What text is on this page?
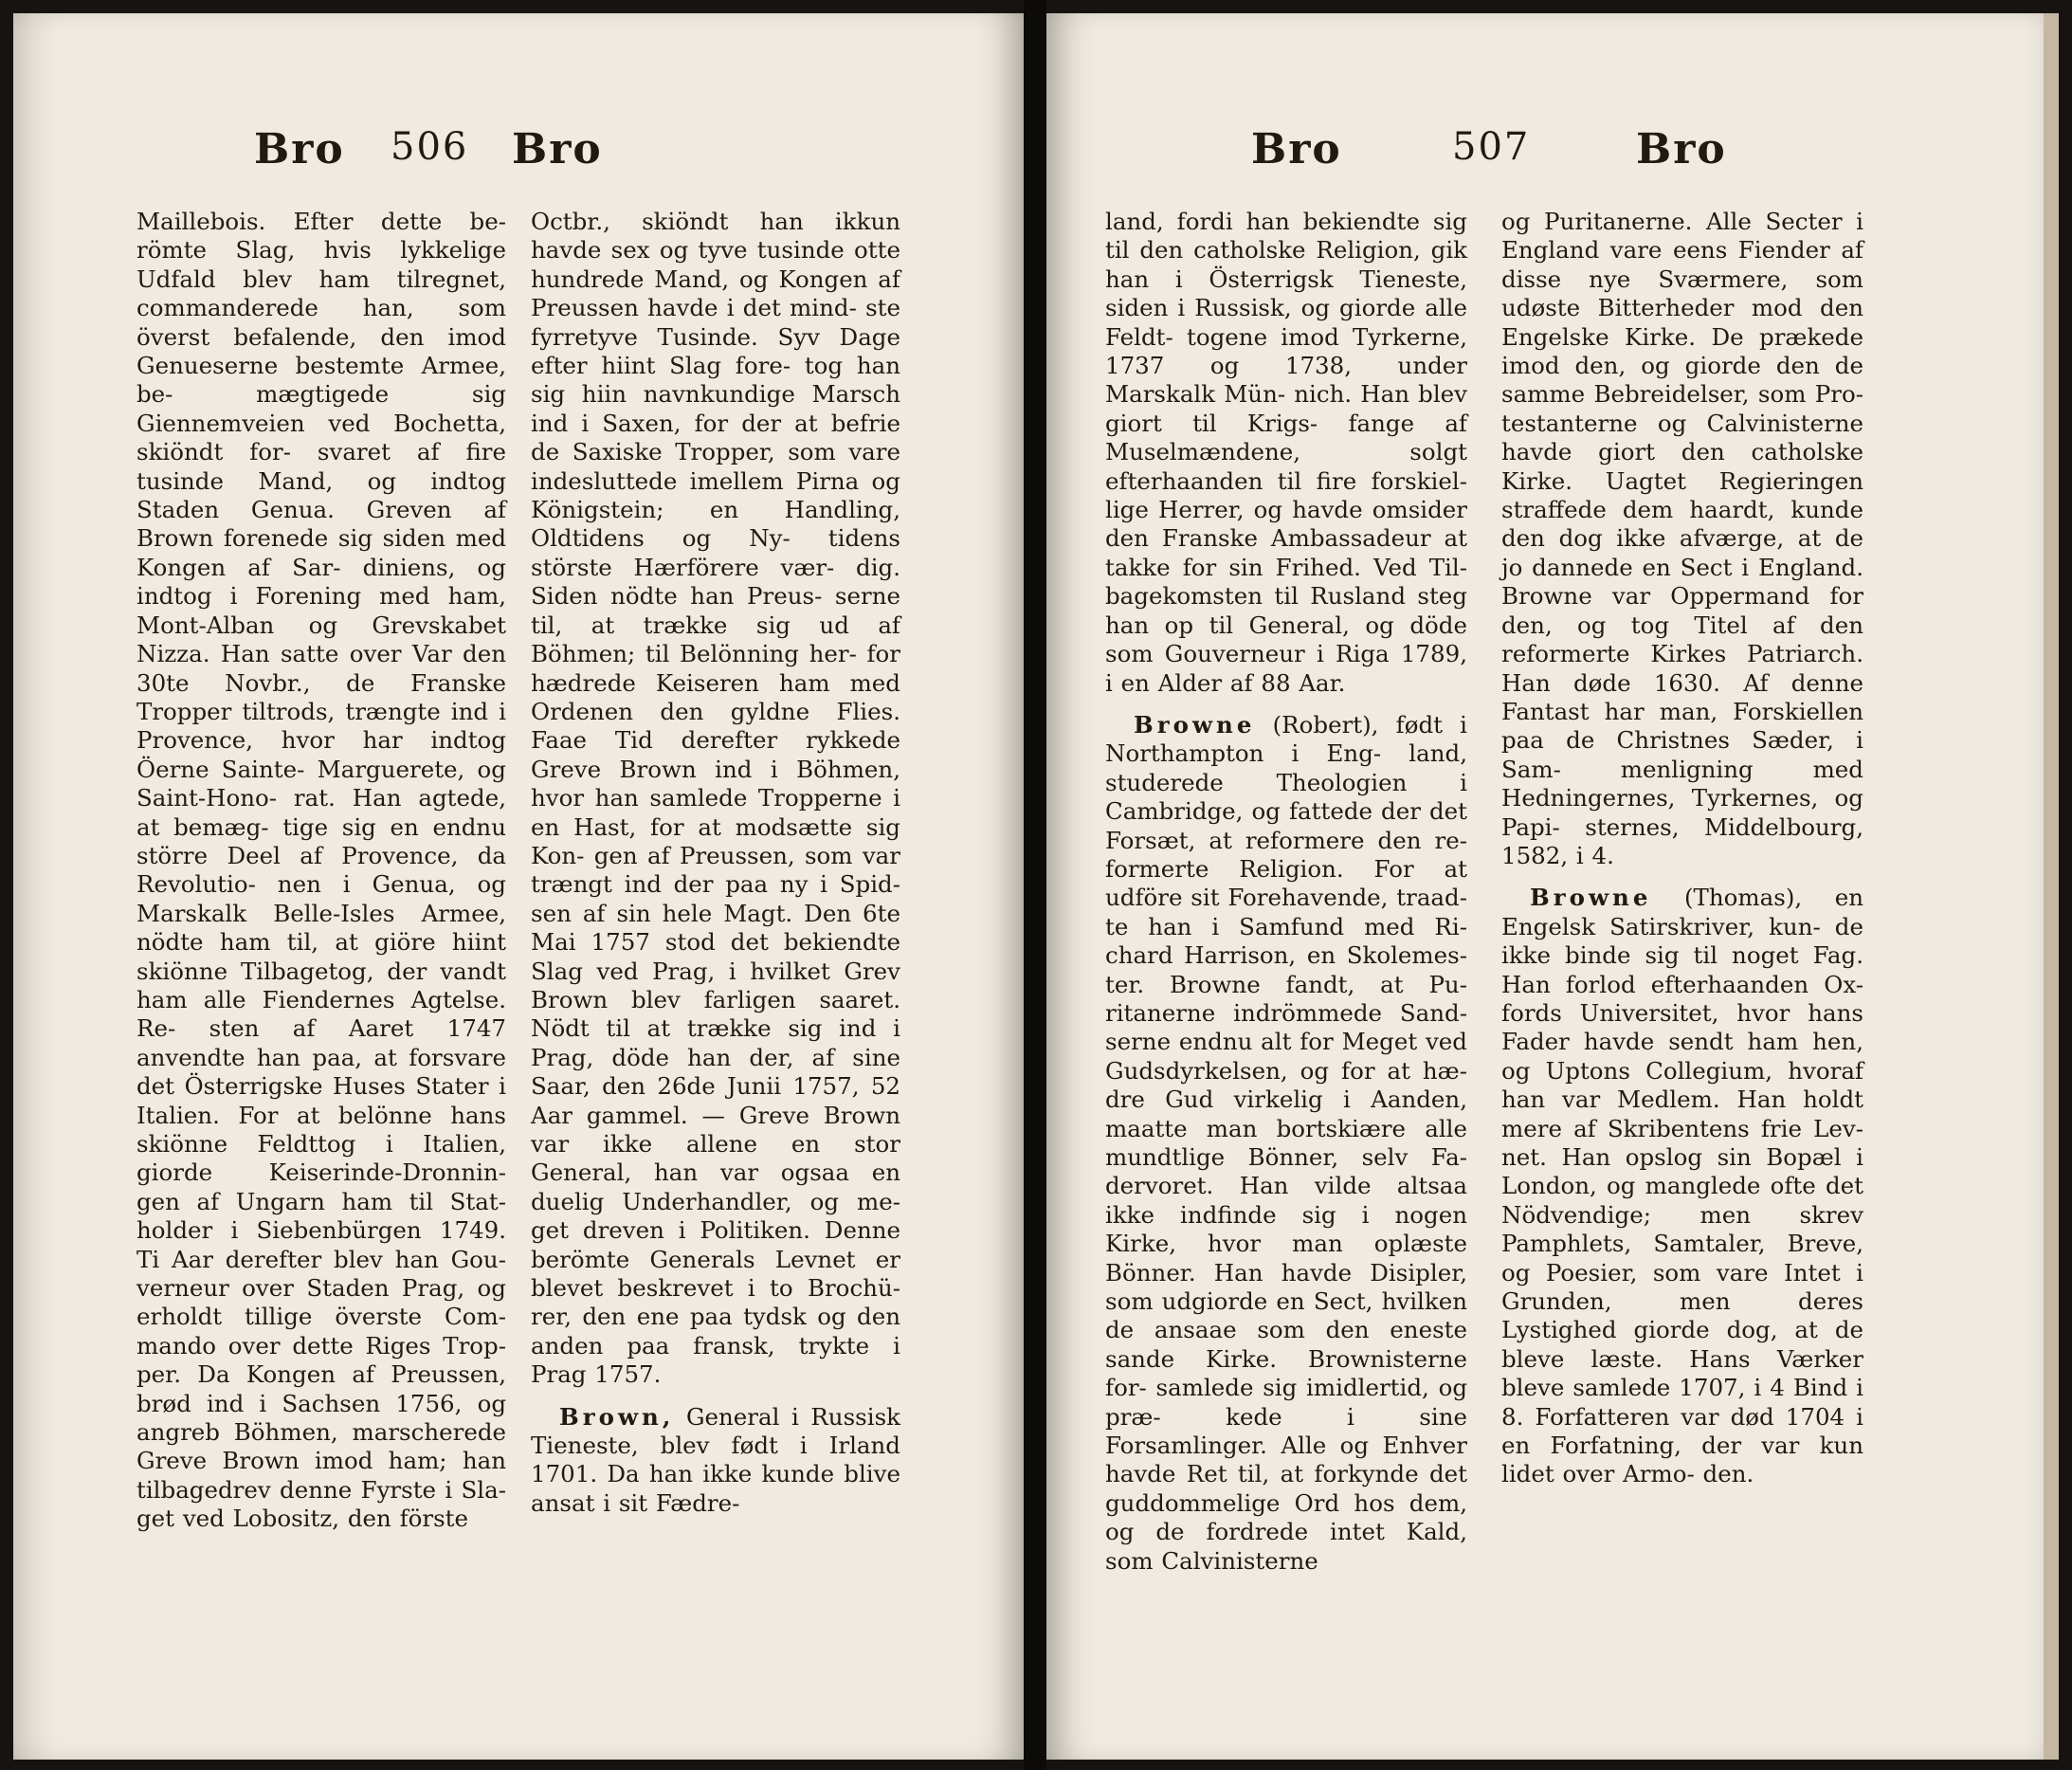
Bro 506 Bro

Maillebois. Efter dette be- römte Slag, hvis lykkelige Udfald blev ham tilregnet, commanderede han, som överst befalende, den imod Genueserne bestemte Armee, be- mægtigede sig Giennemveien ved Bochetta, skiöndt for- svaret af fire tusinde Mand, og indtog Staden Genua. Greven af Brown forenede sig siden med Kongen af Sar- diniens, og indtog i Forening med ham, Mont-Alban og Grevskabet Nizza. Han satte over Var den 30te Novbr., de Franske Tropper tiltrods, trængte ind i Provence, hvor har indtog Öerne Sainte- Marguerete, og Saint-Hono- rat. Han agtede, at bemæg- tige sig en endnu större Deel af Provence, da Revolutio- nen i Genua, og Marskalk Belle-Isles Armee, nödte ham til, at giöre hiint skiönne Tilbagetog, der vandt ham alle Fiendernes Agtelse. Re- sten af Aaret 1747 anvendte han paa, at forsvare det Österrigske Huses Stater i Italien. For at belönne hans skiönne Feldttog i Italien, giorde Keiserinde-Dronnin- gen af Ungarn ham til Stat- holder i Siebenbürgen 1749. Ti Aar derefter blev han Gou- verneur over Staden Prag, og erholdt tillige överste Com- mando over dette Riges Trop- per. Da Kongen af Preussen, brød ind i Sachsen 1756, og angreb Böhmen, marscherede Greve Brown imod ham; han tilbagedrev denne Fyrste i Sla- get ved Lobositz, den förste

Octbr., skiöndt han ikkun havde sex og tyve tusinde otte hundrede Mand, og Kongen af Preussen havde i det mind- ste fyrretyve Tusinde. Syv Dage efter hiint Slag fore- tog han sig hiin navnkundige Marsch ind i Saxen, for der at befrie de Saxiske Tropper, som vare indesluttede imellem Pirna og Königstein; en Handling, Oldtidens og Ny- tidens störste Hærförere vær- dig. Siden nödte han Preus- serne til, at trække sig ud af Böhmen; til Belönning her- for hædrede Keiseren ham med Ordenen den gyldne Flies. Faae Tid derefter rykkede Greve Brown ind i Böhmen, hvor han samlede Tropperne i en Hast, for at modsætte sig Kon- gen af Preussen, som var trængt ind der paa ny i Spid- sen af sin hele Magt. Den 6te Mai 1757 stod det bekiendte Slag ved Prag, i hvilket Grev Brown blev farligen saaret. Nödt til at trække sig ind i Prag, döde han der, af sine Saar, den 26de Junii 1757, 52 Aar gammel. — Greve Brown var ikke allene en stor General, han var ogsaa en duelig Underhandler, og me- get dreven i Politiken. Denne berömte Generals Levnet er blevet beskrevet i to Brochü- rer, den ene paa tydsk og den anden paa fransk, trykte i Prag 1757.

Brown, General i Russisk Tieneste, blev født i Irland 1701. Da han ikke kunde blive ansat i sit Fædre-

Bro	507	Bro

land, fordi han bekiendte sig til den catholske Religion, gik han i Österrigsk Tieneste, siden i Russisk, og giorde alle Feldt- togene imod Tyrkerne, 1737 og 1738, under Marskalk Mün- nich. Han blev giort til Krigs- fange af Muselmændene, solgt efterhaanden til fire forskiel- lige Herrer, og havde omsider den Franske Ambassadeur at takke for sin Frihed. Ved Til- bagekomsten til Rusland steg han op til General, og döde som Gouverneur i Riga 1789, i en Alder af 88 Aar.

Browne (Robert), født i Northampton i Eng- land, studerede Theologien i Cambridge, og fattede der det Forsæt, at reformere den re- formerte Religion. For at udföre sit Forehavende, traad- te han i Samfund med Ri- chard Harrison, en Skolemes- ter. Browne fandt, at Pu- ritanerne indrömmede Sand- serne endnu alt for Meget ved Gudsdyrkelsen, og for at hæ- dre Gud virkelig i Aanden, maatte man bortskiære alle mundtlige Bönner, selv Fa- dervoret. Han vilde altsaa ikke indfinde sig i nogen Kirke, hvor man oplæste Bönner. Han havde Disipler, som udgiorde en Sect, hvilken de ansaae som den eneste sande Kirke. Brownisterne for- samlede sig imidlertid, og præ- kede i sine Forsamlinger. Alle og Enhver havde Ret til, at forkynde det guddommelige Ord hos dem, og de fordrede intet Kald, som Calvinisterne

og Puritanerne. Alle Secter i England vare eens Fiender af disse nye Sværmere, som udøste Bitterheder mod den Engelske Kirke. De prækede imod den, og giorde den de samme Bebreidelser, som Pro- testanterne og Calvinisterne havde giort den catholske Kirke. Uagtet Regieringen straffede dem haardt, kunde den dog ikke afværge, at de jo dannede en Sect i England. Browne var Oppermand for den, og tog Titel af den reformerte Kirkes Patriarch. Han døde 1630. Af denne Fantast har man, Forskiellen paa de Christnes Sæder, i Sam- menligning med Hedningernes, Tyrkernes, og Papi- sternes, Middelbourg, 1582, i 4.

Browne (Thomas), en Engelsk Satirskriver, kun- de ikke binde sig til noget Fag. Han forlod efterhaanden Ox- fords Universitet, hvor hans Fader havde sendt ham hen, og Uptons Collegium, hvoraf han var Medlem. Han holdt mere af Skribentens frie Lev- net. Han opslog sin Bopæl i London, og manglede ofte det Nödvendige; men skrev Pamphlets, Samtaler, Breve, og Poesier, som vare Intet i Grunden, men deres Lystighed giorde dog, at de bleve læste. Hans Værker bleve samlede 1707, i 4 Bind i 8. Forfatteren var død 1704 i en Forfatning, der var kun lidet over Armo- den.
